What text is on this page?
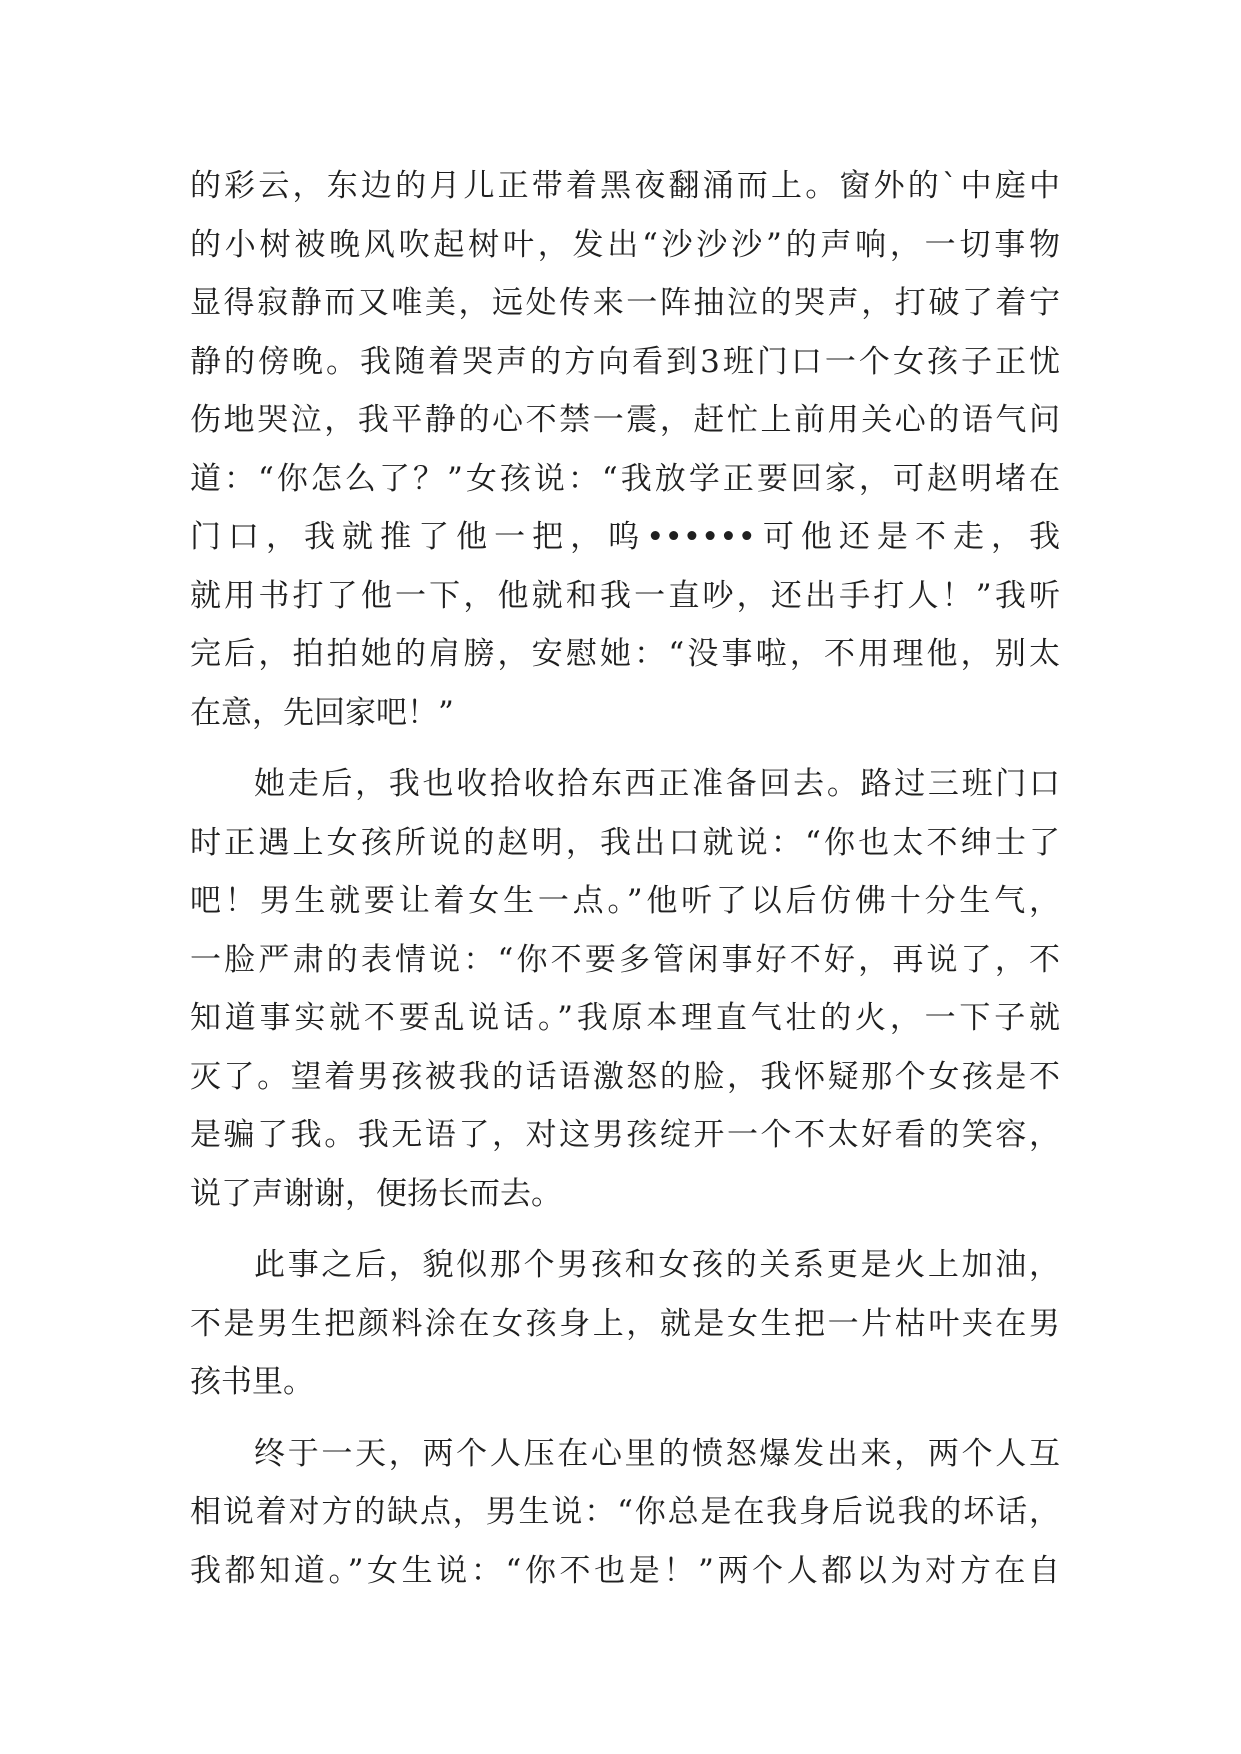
的彩云，东边的月儿正带着黑夜翻涌而上。窗外的`中庭中
的小树被晚风吹起树叶，发出“沙沙沙”的声响，一切事物
显得寂静而又唯美，远处传来一阵抽泣的哭声，打破了着宁
静的傍晚。我随着哭声的方向看到3班门口一个女孩子正忧
伤地哭泣，我平静的心不禁一震，赶忙上前用关心的语气问
道：“你怎么了？”女孩说：“我放学正要回家，可赵明堵在
门口，我就推了他一把，呜••••••可他还是不走，我
就用书打了他一下，他就和我一直吵，还出手打人！”我听
完后，拍拍她的肩膀，安慰她：“没事啦，不用理他，别太
在意，先回家吧！”
她走后，我也收拾收拾东西正准备回去。路过三班门口
时正遇上女孩所说的赵明，我出口就说：“你也太不绅士了
吧！男生就要让着女生一点。”他听了以后仿佛十分生气，
一脸严肃的表情说：“你不要多管闲事好不好，再说了，不
知道事实就不要乱说话。”我原本理直气壮的火，一下子就
灭了。望着男孩被我的话语激怒的脸，我怀疑那个女孩是不
是骗了我。我无语了，对这男孩绽开一个不太好看的笑容，
说了声谢谢，便扬长而去。
此事之后，貌似那个男孩和女孩的关系更是火上加油，
不是男生把颜料涂在女孩身上，就是女生把一片枯叶夹在男
孩书里。
终于一天，两个人压在心里的愤怒爆发出来，两个人互
相说着对方的缺点，男生说：“你总是在我身后说我的坏话，
我都知道。”女生说：“你不也是！”两个人都以为对方在自
